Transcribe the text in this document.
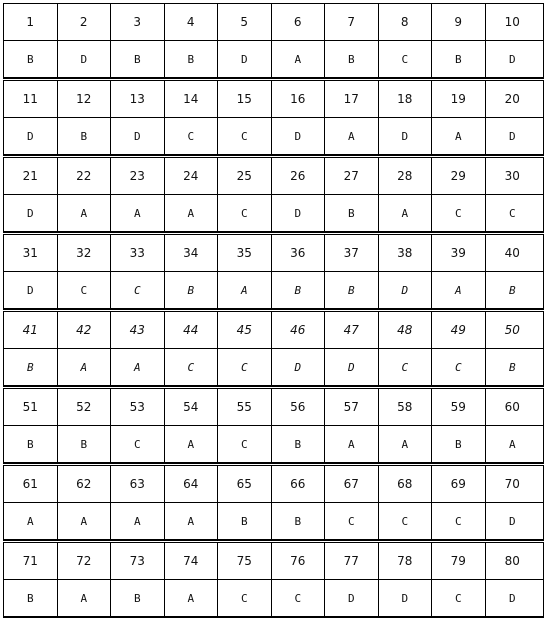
1	2	3	4	5	6	7	8	9	10
B	D	B	B	D	A	B	C	B	D
11	12	13	14	15	16	17	18	19	20
D	B	D	C	C	D	A	D	A	D
21	22	23	24	25	26	27	28	29	30
D	A	A	A	C	D	B	A	C	C
31	32	33	34	35	36	37	38	39	40
D	C	C	B	A	B	B	D	A	B
41	42	43	44	45	46	47	48	49	50
B	A	A	C	C	D	D	C	C	B
51	52	53	54	55	56	57	58	59	60
B	B	C	A	C	B	A	A	B	A
61	62	63	64	65	66	67	68	69	70
A	A	A	A	B	B	C	C	C	D
71	72	73	74	75	76	77	78	79	80
B	A	B	A	C	C	D	D	C	D
